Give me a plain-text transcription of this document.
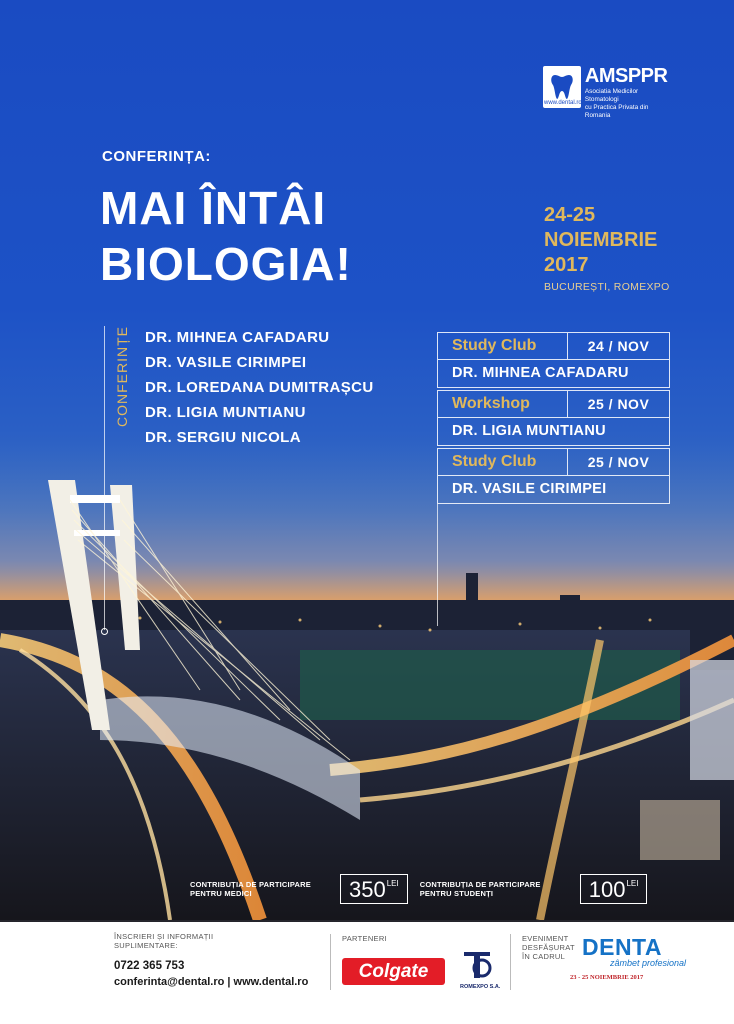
AMSPPR
Asociatia Medicilor Stomatologi
cu Practica Privata din Romania
www.dental.ro
CONFERINȚA:
MAI ÎNTÂI
BIOLOGIA!
24-25
NOIEMBRIE
2017
BUCUREȘTI, ROMEXPO
CONFERINȚE DR. MIHNEA CAFADARU
DR. VASILE CIRIMPEI
DR. LOREDANA DUMITRAȘCU
DR. LIGIA MUNTIANU
DR. SERGIU NICOLA
Study Club	24 / NOV
DR. MIHNEA CAFADARU
Workshop	25 / NOV
DR. LIGIA MUNTIANU
Study Club	25 / NOV
DR. VASILE CIRIMPEI
CONTRIBUȚIA DE PARTICIPARE
PENTRU MEDICI	350 LEI	CONTRIBUȚIA DE PARTICIPARE
PENTRU STUDENȚI	100 LEI
ÎNSCRIERI ȘI INFORMAȚII
SUPLIMENTARE:
0722 365 753
conferinta@dental.ro | www.dental.ro
PARTENERI
Colgate
ROMEXPO S.A.
EVENIMENT
DESFĂȘURAT
ÎN CADRUL DENTA
zâmbet profesional
23 - 25 NOIEMBRIE 2017
